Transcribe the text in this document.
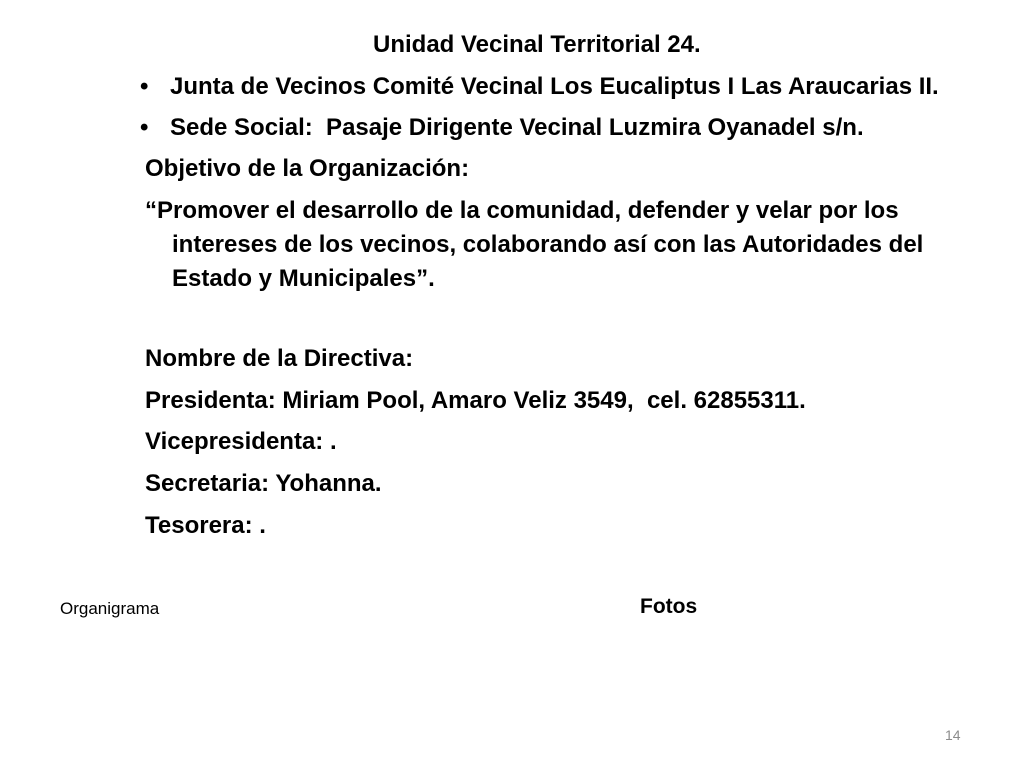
Unidad Vecinal Territorial 24.

•

Junta de Vecinos Comité Vecinal Los Eucaliptus I Las Araucarias II.

•

Sede Social:  Pasaje Dirigente Vecinal Luzmira Oyanadel s/n.

Objetivo de la Organización:
“Promover el desarrollo de la comunidad, defender y velar por los
intereses de los vecinos, colaborando así con las Autoridades del
Estado y Municipales”.
Nombre de la Directiva:
Presidenta: Miriam Pool, Amaro Veliz 3549,  cel. 62855311.
Vicepresidenta: .
Secretaria: Yohanna.
Tesorera: .
Organigrama	Fotos
14
